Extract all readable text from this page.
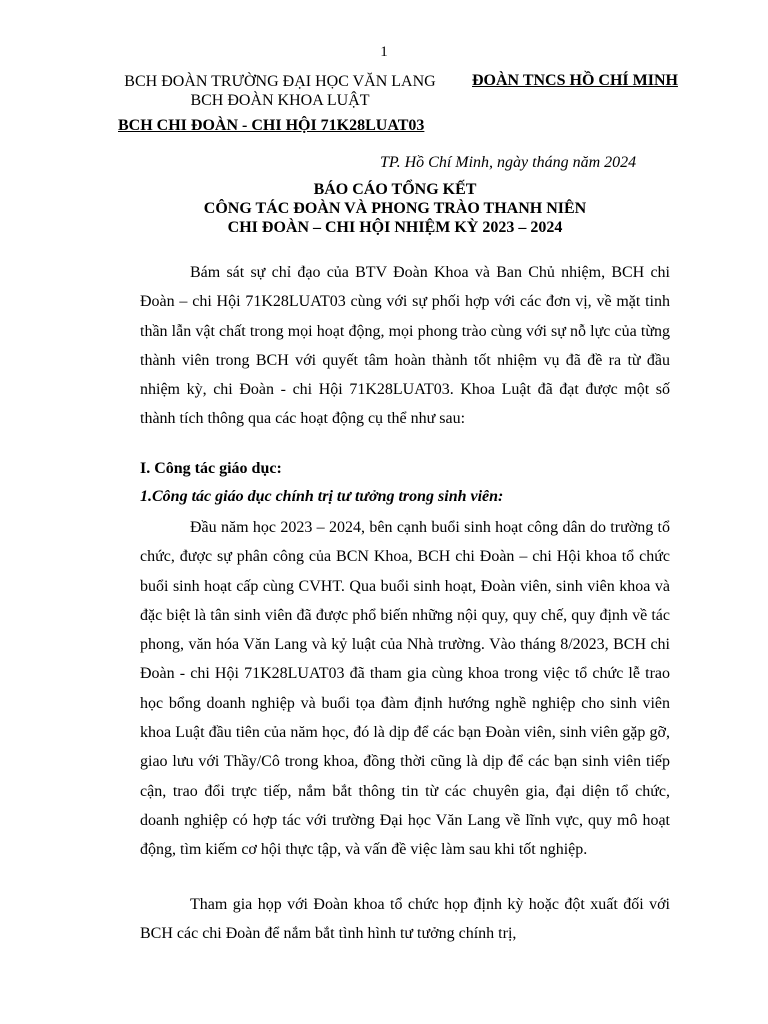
1
BCH ĐOÀN TRƯỜNG ĐẠI HỌC VĂN LANG
BCH ĐOÀN KHOA LUẬT
BCH CHI ĐOÀN - CHI HỘI 71K28LUAT03
ĐOÀN TNCS HỒ CHÍ MINH
TP. Hồ Chí Minh, ngày tháng năm 2024
BÁO CÁO TỔNG KẾT
CÔNG TÁC ĐOÀN VÀ PHONG TRÀO THANH NIÊN
CHI ĐOÀN – CHI HỘI NHIỆM KỲ 2023 – 2024

Bám sát sự chỉ đạo của BTV Đoàn Khoa và Ban Chủ nhiệm, BCH chi Đoàn – chi Hội 71K28LUAT03 cùng với sự phối hợp với các đơn vị, về mặt tinh thần lẫn vật chất trong mọi hoạt động, mọi phong trào cùng với sự nỗ lực của từng thành viên trong BCH với quyết tâm hoàn thành tốt nhiệm vụ đã đề ra từ đầu nhiệm kỳ, chi Đoàn - chi Hội 71K28LUAT03. Khoa Luật đã đạt được một số thành tích thông qua các hoạt động cụ thể như sau:

I. Công tác giáo dục:
1.Công tác giáo dục chính trị tư tưởng trong sinh viên:

Đầu năm học 2023 – 2024, bên cạnh buổi sinh hoạt công dân do trường tổ chức, được sự phân công của BCN Khoa, BCH chi Đoàn – chi Hội khoa tổ chức buổi sinh hoạt cấp cùng CVHT. Qua buổi sinh hoạt, Đoàn viên, sinh viên khoa và đặc biệt là tân sinh viên đã được phổ biến những nội quy, quy chế, quy định về tác phong, văn hóa Văn Lang và kỷ luật của Nhà trường. Vào tháng 8/2023, BCH chi Đoàn - chi Hội 71K28LUAT03 đã tham gia cùng khoa trong việc tổ chức lễ trao học bổng doanh nghiệp và buổi tọa đàm định hướng nghề nghiệp cho sinh viên khoa Luật đầu tiên của năm học, đó là dịp để các bạn Đoàn viên, sinh viên gặp gỡ, giao lưu với Thầy/Cô trong khoa, đồng thời cũng là dịp để các bạn sinh viên tiếp cận, trao đổi trực tiếp, nắm bắt thông tin từ các chuyên gia, đại diện tổ chức, doanh nghiệp có hợp tác với trường Đại học Văn Lang về lĩnh vực, quy mô hoạt động, tìm kiếm cơ hội thực tập, và vấn đề việc làm sau khi tốt nghiệp.

Tham gia họp với Đoàn khoa tổ chức họp định kỳ hoặc đột xuất đối với BCH các chi Đoàn để nắm bắt tình hình tư tưởng chính trị,
